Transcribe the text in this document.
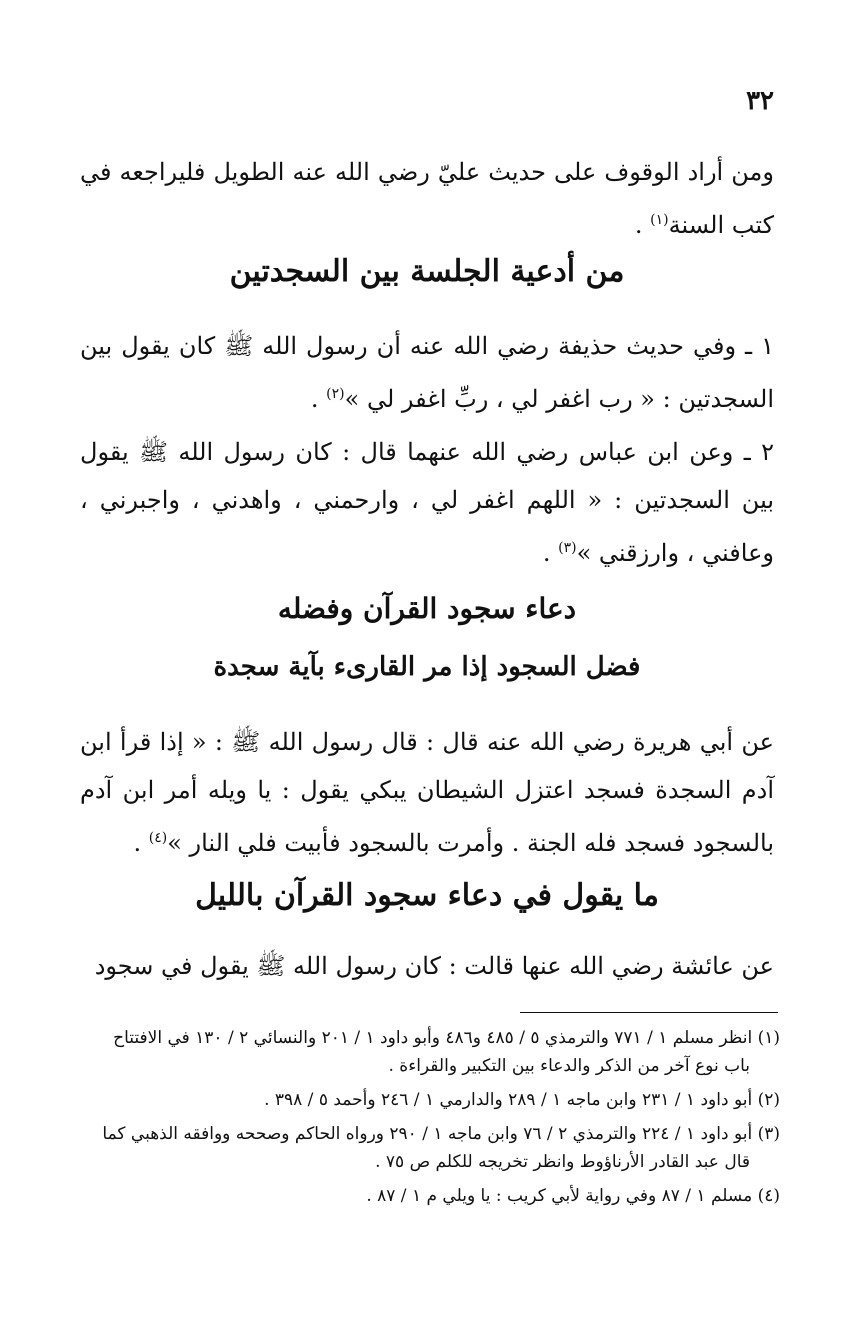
٣٢
ومن أراد الوقوف على حديث عليّ رضي الله عنه الطويل فليراجعه في كتب السنة$^{(١)}$ .
من أدعية الجلسة بين السجدتين
١ ـ وفي حديث حذيفة رضي الله عنه أن رسول الله ﷺ كان يقول بين السجدتين : « رب اغفر لي ، ربِّ اغفر لي »$^{(٢)}$ .
٢ ـ وعن ابن عباس رضي الله عنهما قال : كان رسول الله ﷺ يقول بين السجدتين : « اللهم اغفر لي ، وارحمني ، واهدني ، واجبرني ، وعافني ، وارزقني »$^{(٣)}$ .
دعاء سجود القرآن وفضله
فضل السجود إذا مر القارىء بآية سجدة
عن أبي هريرة رضي الله عنه قال : قال رسول الله ﷺ : « إذا قرأ ابن آدم السجدة فسجد اعتزل الشيطان يبكي يقول : يا ويله أمر ابن آدم بالسجود فسجد فله الجنة . وأمرت بالسجود فأبيت فلي النار »$^{(٤)}$ .
ما يقول في دعاء سجود القرآن بالليل
عن عائشة رضي الله عنها قالت : كان رسول الله ﷺ يقول في سجود
(١) انظر مسلم ١ / ٧٧١ والترمذي ٥ / ٤٨٥ و٤٨٦ وأبو داود ١ / ٢٠١ والنسائي ٢ / ١٣٠ في الافتتاح
باب نوع آخر من الذكر والدعاء بين التكبير والقراءة .
(٢) أبو داود ١ / ٢٣١ وابن ماجه ١ / ٢٨٩ والدارمي ١ / ٢٤٦ وأحمد ٥ / ٣٩٨ .
(٣) أبو داود ١ / ٢٢٤ والترمذي ٢ / ٧٦ وابن ماجه ١ / ٢٩٠ ورواه الحاكم وصححه ووافقه الذهبي كما
قال عبد القادر الأرناؤوط وانظر تخريجه للكلم ص ٧٥ .
(٤) مسلم ١ / ٨٧ وفي رواية لأبي كريب : يا ويلي م ١ / ٨٧ .
